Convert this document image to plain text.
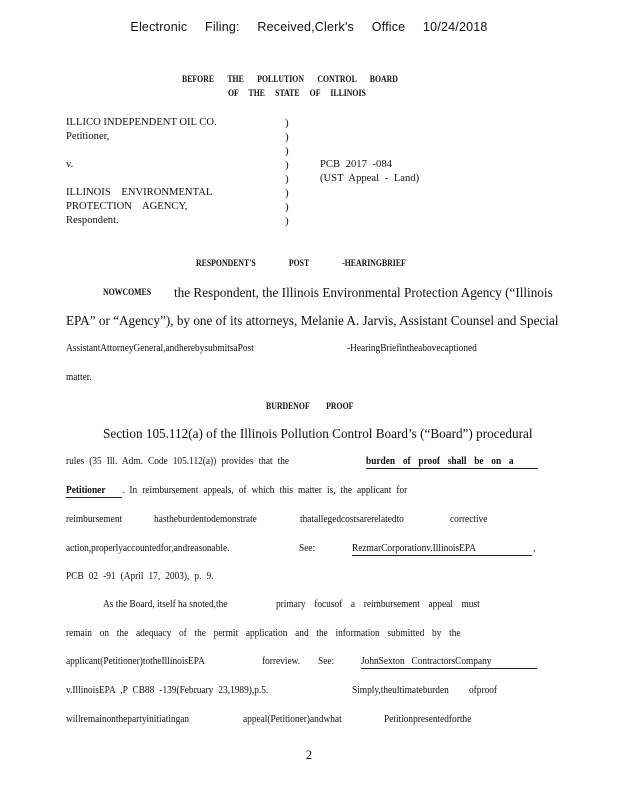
Electronic Filing: Received,Clerk's Office 10/24/2018
BEFORE THE POLLUTION CONTROL BOARD
OF THE STATE OF ILLINOIS
ILLICO INDEPENDENT OIL CO.
Petitioner,
v.
ILLINOIS ENVIRONMENTAL
PROTECTION AGENCY,
Respondent.
)
)
)
)
)
)
)
)
PCB 2017 -084
(UST Appeal - Land)
RESPONDENT'S POST -HEARINGBRIEF
NOWCOMES the Respondent, the Illinois Environmental Protection Agency (“Illinois
EPA” or “Agency”), by one of its attorneys, Melanie A. Jarvis, Assistant Counsel and Special
AssistantAttorneyGeneral,andherebysubmitsaPost	-HearingBriefintheabovecaptioned
matter.
BURDENOF PROOF
Section 105.112(a) of the Illinois Pollution Control Board’s (“Board”) procedural
rules (35 Ill. Adm. Code 105.112(a)) provides that the	burden of proof shall be on a
Petitioner . In reimbursement appeals, of which this matter is, the applicant for
reimbursement	hastheburdentodemonstrate	thatallegedcostsarerelatedto	corrective
action,properlyaccountedfor,andreasonable.	See:	RezmarCorporationv.IllinoisEPA	,
PCB 02 -91 (April 17, 2003), p. 9.
As the Board, itself ha snoted,the	primary focusof a reimbursement appeal must
remain on the adequacy of the permit application and the information submitted by the
applicant(Petitioner)totheIllinoisEPA	forreview. See:	JohnSexton ContractorsCompany
v.IllinoisEPA ,P CB88 -139(February 23,1989),p.5.	Simply,theultimateburden ofproof
willremainonthepartyinitiatingan	appeal(Petitioner)andwhat	Petitionpresentedforthe
2
